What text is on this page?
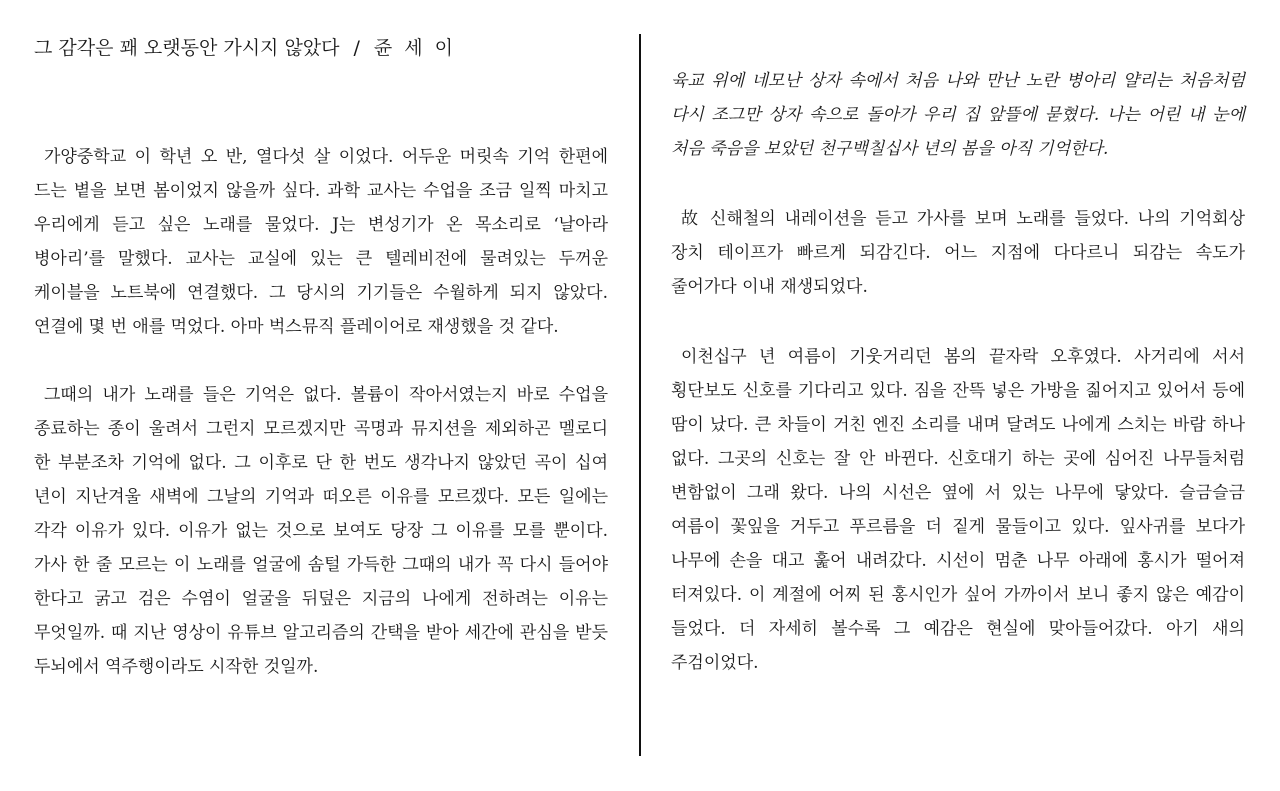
그 감각은 꽤 오랫동안 가시지 않았다 / 쥰세이

가양중학교 이 학년 오 반, 열다섯 살 이었다. 어두운 머릿속 기억 한편에 드는 볕을 보면 봄이었지 않을까 싶다. 과학 교사는 수업을 조금 일찍 마치고 우리에게 듣고 싶은 노래를 물었다. J는 변성기가 온 목소리로 ‘날아라 병아리’를 말했다. 교사는 교실에 있는 큰 텔레비전에 물려있는 두꺼운 케이블을 노트북에 연결했다. 그 당시의 기기들은 수월하게 되지 않았다. 연결에 몇 번 애를 먹었다. 아마 벅스뮤직 플레이어로 재생했을 것 같다.

그때의 내가 노래를 들은 기억은 없다. 볼륨이 작아서였는지 바로 수업을 종료하는 종이 울려서 그런지 모르겠지만 곡명과 뮤지션을 제외하곤 멜로디 한 부분조차 기억에 없다. 그 이후로 단 한 번도 생각나지 않았던 곡이 십여 년이 지난겨울 새벽에 그날의 기억과 떠오른 이유를 모르겠다. 모든 일에는 각각 이유가 있다. 이유가 없는 것으로 보여도 당장 그 이유를 모를 뿐이다. 가사 한 줄 모르는 이 노래를 얼굴에 솜털 가득한 그때의 내가 꼭 다시 들어야 한다고 굵고 검은 수염이 얼굴을 뒤덮은 지금의 나에게 전하려는 이유는 무엇일까. 때 지난 영상이 유튜브 알고리즘의 간택을 받아 세간에 관심을 받듯 두뇌에서 역주행이라도 시작한 것일까.

육교 위에 네모난 상자 속에서 처음 나와 만난 노란 병아리 얄리는 처음처럼 다시 조그만 상자 속으로 돌아가 우리 집 앞뜰에 묻혔다. 나는 어린 내 눈에 처음 죽음을 보았던 천구백칠십사 년의 봄을 아직 기억한다.

故 신해철의 내레이션을 듣고 가사를 보며 노래를 들었다. 나의 기억회상 장치 테이프가 빠르게 되감긴다. 어느 지점에 다다르니 되감는 속도가 줄어가다 이내 재생되었다.

이천십구 년 여름이 기웃거리던 봄의 끝자락 오후였다. 사거리에 서서 횡단보도 신호를 기다리고 있다. 짐을 잔뜩 넣은 가방을 짊어지고 있어서 등에 땀이 났다. 큰 차들이 거친 엔진 소리를 내며 달려도 나에게 스치는 바람 하나 없다. 그곳의 신호는 잘 안 바뀐다. 신호대기 하는 곳에 심어진 나무들처럼 변함없이 그래 왔다. 나의 시선은 옆에 서 있는 나무에 닿았다. 슬금슬금 여름이 꽃잎을 거두고 푸르름을 더 짙게 물들이고 있다. 잎사귀를 보다가 나무에 손을 대고 훑어 내려갔다. 시선이 멈춘 나무 아래에 홍시가 떨어져 터져있다. 이 계절에 어찌 된 홍시인가 싶어 가까이서 보니 좋지 않은 예감이 들었다. 더 자세히 볼수록 그 예감은 현실에 맞아들어갔다. 아기 새의 주검이었다.
